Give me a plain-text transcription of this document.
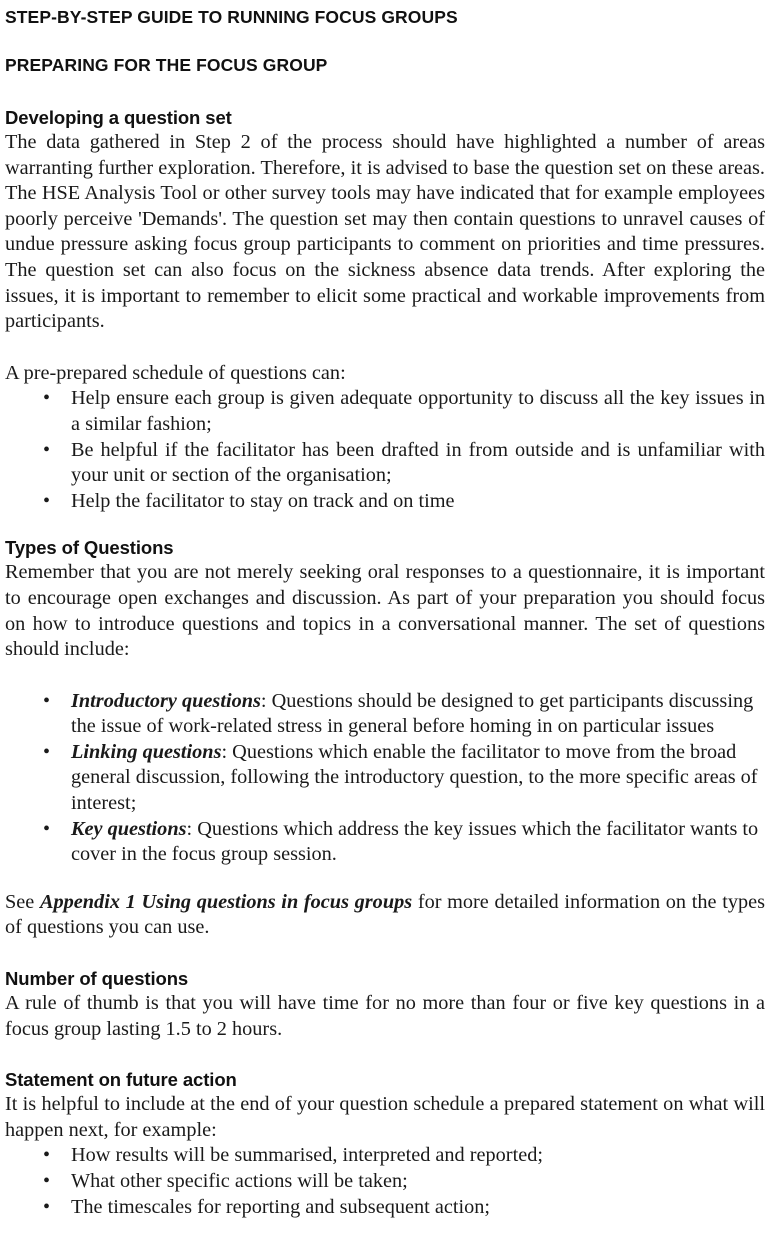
STEP-BY-STEP GUIDE TO RUNNING FOCUS GROUPS
PREPARING FOR THE FOCUS GROUP
Developing a question set

The data gathered in Step 2 of the process should have highlighted a number of areas warranting further exploration. Therefore, it is advised to base the question set on these areas. The HSE Analysis Tool or other survey tools may have indicated that for example employees poorly perceive 'Demands'. The question set may then contain questions to unravel causes of undue pressure asking focus group participants to comment on priorities and time pressures. The question set can also focus on the sickness absence data trends. After exploring the issues, it is important to remember to elicit some practical and workable improvements from participants.

A pre-prepared schedule of questions can:

• Help ensure each group is given adequate opportunity to discuss all the key issues in a similar fashion;
• Be helpful if the facilitator has been drafted in from outside and is unfamiliar with your unit or section of the organisation;
• Help the facilitator to stay on track and on time
Types of Questions

Remember that you are not merely seeking oral responses to a questionnaire, it is important to encourage open exchanges and discussion. As part of your preparation you should focus on how to introduce questions and topics in a conversational manner. The set of questions should include:

• Introductory questions: Questions should be designed to get participants discussing the issue of work-related stress in general before homing in on particular issues
• Linking questions: Questions which enable the facilitator to move from the broad general discussion, following the introductory question, to the more specific areas of interest;
• Key questions: Questions which address the key issues which the facilitator wants to cover in the focus group session.

See Appendix 1 Using questions in focus groups for more detailed information on the types of questions you can use.

Number of questions

A rule of thumb is that you will have time for no more than four or five key questions in a focus group lasting 1.5 to 2 hours.

Statement on future action

It is helpful to include at the end of your question schedule a prepared statement on what will happen next, for example:

• How results will be summarised, interpreted and reported;
• What other specific actions will be taken;
• The timescales for reporting and subsequent action;
